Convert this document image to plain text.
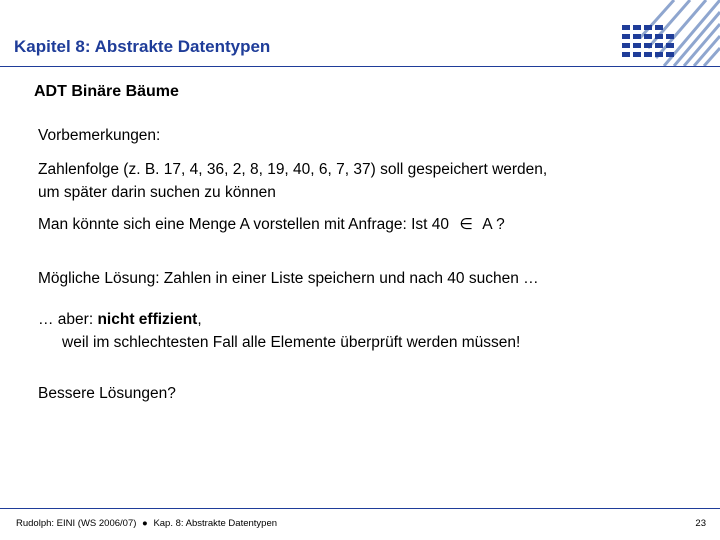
Kapitel 8: Abstrakte Datentypen
ADT Binäre Bäume
Vorbemerkungen:
Zahlenfolge (z. B. 17, 4, 36, 2, 8, 19, 40, 6, 7, 37) soll gespeichert werden,
um später darin suchen zu können
Man könnte sich eine Menge A vorstellen mit Anfrage: Ist 40 ∈ A ?
Mögliche Lösung: Zahlen in einer Liste speichern und nach 40 suchen …
… aber: nicht effizient,
weil im schlechtesten Fall alle Elemente überprüft werden müssen!
Bessere Lösungen?
Rudolph: EINI (WS 2006/07) ● Kap. 8: Abstrakte Datentypen	23
